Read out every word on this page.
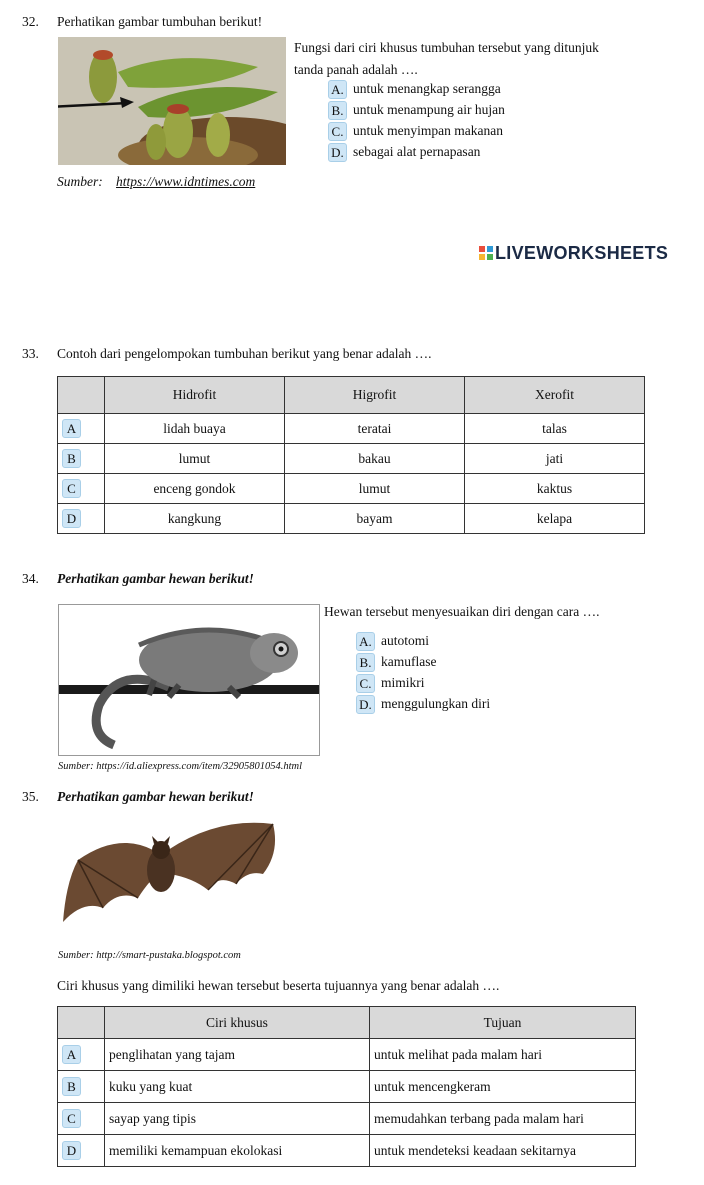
32. Perhatikan gambar tumbuhan berikut!
Fungsi dari ciri khusus tumbuhan tersebut yang ditunjuk
tanda panah adalah ….
A. untuk menangkap serangga
B. untuk menampung air hujan
C. untuk menyimpan makanan
D. sebagai alat pernapasan
Sumber: https://www.idntimes.com
LIVEWORKSHEETS
33. Contoh dari pengelompokan tumbuhan berikut yang benar adalah ….
	Hidrofit	Higrofit	Xerofit
A	lidah buaya	teratai	talas
B	lumut	bakau	jati
C	enceng gondok	lumut	kaktus
D	kangkung	bayam	kelapa
34. Perhatikan gambar hewan berikut!
Hewan tersebut menyesuaikan diri dengan cara ….
A. autotomi
B. kamuflase
C. mimikri
D. menggulungkan diri
Sumber: https://id.aliexpress.com/item/32905801054.html
35. Perhatikan gambar hewan berikut!
Sumber: http://smart-pustaka.blogspot.com
Ciri khusus yang dimiliki hewan tersebut beserta tujuannya yang benar adalah ….
	Ciri khusus	Tujuan
A	penglihatan yang tajam	untuk melihat pada malam hari
B	kuku yang kuat	untuk mencengkeram
C	sayap yang tipis	memudahkan terbang pada malam hari
D	memiliki kemampuan ekolokasi	untuk mendeteksi keadaan sekitarnya
